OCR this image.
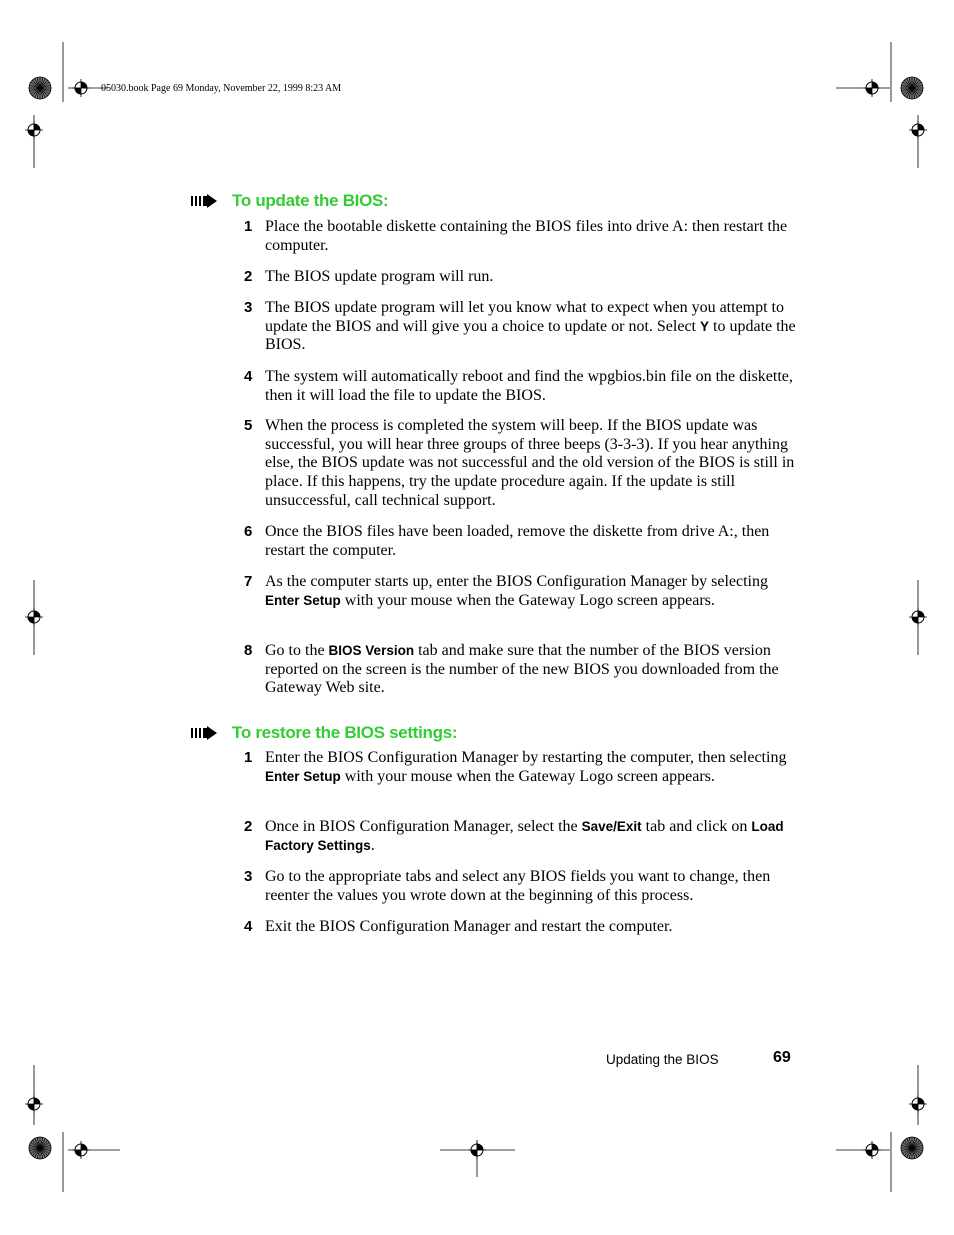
05030.book Page 69 Monday, November 22, 1999 8:23 AM
To update the BIOS:
1 Place the bootable diskette containing the BIOS files into drive A: then restart the computer.
2 The BIOS update program will run.
3 The BIOS update program will let you know what to expect when you attempt to update the BIOS and will give you a choice to update or not. Select Y to update the BIOS.
4 The system will automatically reboot and find the wpgbios.bin file on the diskette, then it will load the file to update the BIOS.
5 When the process is completed the system will beep. If the BIOS update was successful, you will hear three groups of three beeps (3-3-3). If you hear anything else, the BIOS update was not successful and the old version of the BIOS is still in place. If this happens, try the update procedure again. If the update is still unsuccessful, call technical support.
6 Once the BIOS files have been loaded, remove the diskette from drive A:, then restart the computer.
7 As the computer starts up, enter the BIOS Configuration Manager by selecting Enter Setup with your mouse when the Gateway Logo screen appears.
8 Go to the BIOS Version tab and make sure that the number of the BIOS version reported on the screen is the number of the new BIOS you downloaded from the Gateway Web site.
To restore the BIOS settings:
1 Enter the BIOS Configuration Manager by restarting the computer, then selecting Enter Setup with your mouse when the Gateway Logo screen appears.
2 Once in BIOS Configuration Manager, select the Save/Exit tab and click on Load Factory Settings.
3 Go to the appropriate tabs and select any BIOS fields you want to change, then reenter the values you wrote down at the beginning of this process.
4 Exit the BIOS Configuration Manager and restart the computer.
Updating the BIOS	69
